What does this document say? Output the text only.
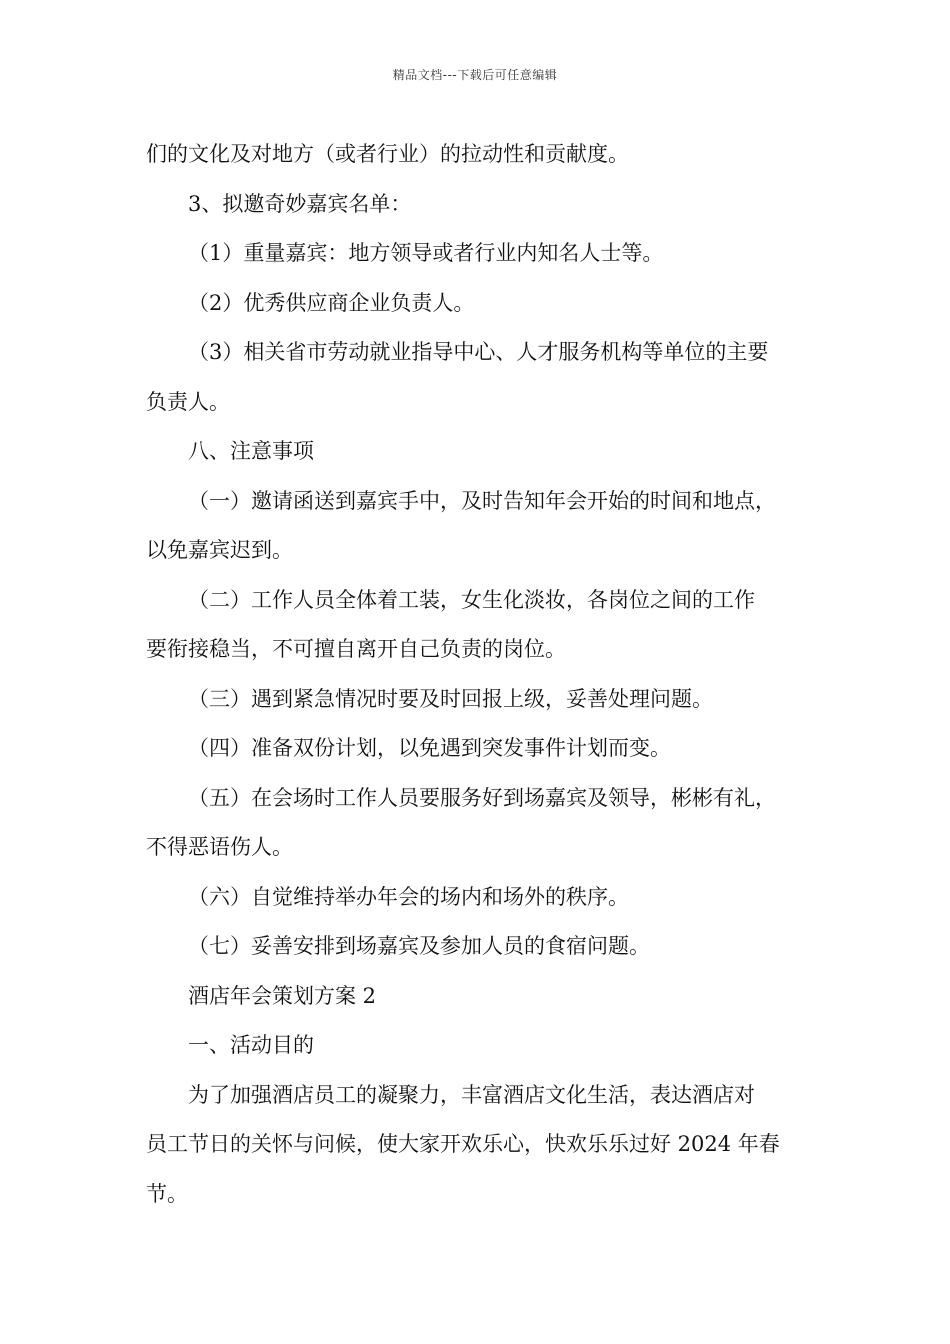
精品文档---下载后可任意编辑
们的文化及对地方（或者行业）的拉动性和贡献度。
3、拟邀奇妙嘉宾名单：
（1）重量嘉宾：地方领导或者行业内知名人士等。
（2）优秀供应商企业负责人。
（3）相关省市劳动就业指导中心、人才服务机构等单位的主要
负责人。
八、注意事项
（一）邀请函送到嘉宾手中，及时告知年会开始的时间和地点，
以免嘉宾迟到。
（二）工作人员全体着工装，女生化淡妆，各岗位之间的工作
要衔接稳当，不可擅自离开自己负责的岗位。
（三）遇到紧急情况时要及时回报上级，妥善处理问题。
（四）准备双份计划，以免遇到突发事件计划而变。
（五）在会场时工作人员要服务好到场嘉宾及领导，彬彬有礼，
不得恶语伤人。
（六）自觉维持举办年会的场内和场外的秩序。
（七）妥善安排到场嘉宾及参加人员的食宿问题。
酒店年会策划方案 2
一、活动目的
为了加强酒店员工的凝聚力，丰富酒店文化生活，表达酒店对
员工节日的关怀与问候，使大家开欢乐心，快欢乐乐过好 2024 年春
节。
